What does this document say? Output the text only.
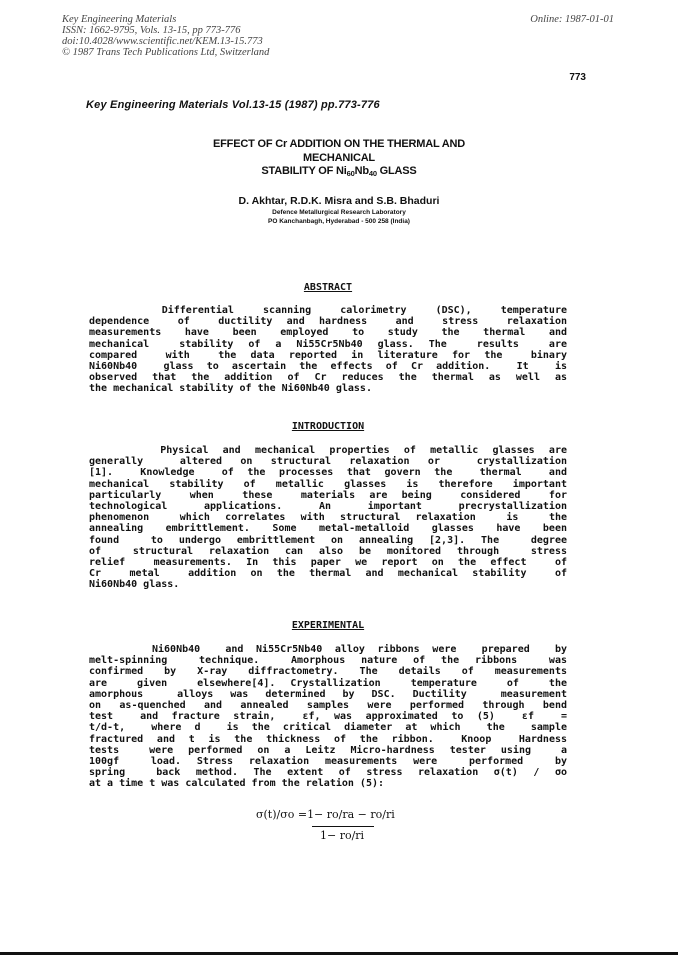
Key Engineering Materials
ISSN: 1662-9795, Vols. 13-15, pp 773-776
doi:10.4028/www.scientific.net/KEM.13-15.773
© 1987 Trans Tech Publications Ltd, Switzerland
Online: 1987-01-01
773
Key Engineering Materials Vol.13-15 (1987) pp.773-776
EFFECT OF Cr ADDITION ON THE THERMAL AND
MECHANICAL
STABILITY OF $Ni_{60}Nb_{40}$ GLASS
D. Akhtar, R.D.K. Misra and S.B. Bhaduri
Defence Metallurgical Research Laboratory
PO Kanchanbagh, Hyderabad - 500 258 (India)
ABSTRACT
Differential  scanning  calorimetry  (DSC),  temperature
dependence  of  ductility and hardness  and  stress  relaxation
measurements  have  been  employed  to  study  the  thermal  and
mechanical  stability of a Ni55Cr5Nb40 glass. The  results  are
compared  with  the data reported in literature for the  binary
Ni60Nb40  glass to ascertain the effects of Cr addition.  It  is
observed that the addition of Cr reduces the thermal as well as
the mechanical stability of the Ni60Nb40 glass.
INTRODUCTION
Physical and mechanical properties of metallic glasses are
generally  altered on structural relaxation or  crystallization
[1].  Knowledge  of the processes that govern the  thermal  and
mechanical stability of metallic glasses is therefore important
particularly  when  these  materials are being  considered  for
technological  applications.  An  important  precrystallization
phenomenon  which correlates with structural relaxation  is  the
annealing embrittlement. Some metal-metalloid glasses have been
found  to undergo embrittlement on annealing [2,3]. The  degree
of  structural relaxation can also be monitored through  stress
relief  measurements. In this paper we report on the effect  of
Cr  metal  addition on the thermal and mechanical stability  of
Ni60Nb40 glass.
EXPERIMENTAL
Ni60Nb40  and Ni55Cr5Nb40 alloy ribbons were  prepared  by
melt-spinning  technique.  Amorphous nature of the ribbons  was
confirmed by X-ray diffractometry. The details of measurements
are  given  elsewhere[4]. Crystallization  temperature  of  the
amorphous  alloys was determined by DSC. Ductility  measurement
on as-quenched and annealed samples were performed through bend
test  and fracture strain,  εf, was approximated to (5)  εf  =
t/d-t,  where d  is the critical diameter at which  the  sample
fractured and t is the thickness of the ribbon.  Knoop  Hardness
tests  were performed on a Leitz Micro-hardness tester using  a
100gf  load. Stress relaxation measurements were  performed  by
spring  back method. The extent of stress relaxation σ(t) / σo
at a time t was calculated from the relation (5):
σ(t)/σo =1− ro/ra − ro/ri
1− ro/ri
